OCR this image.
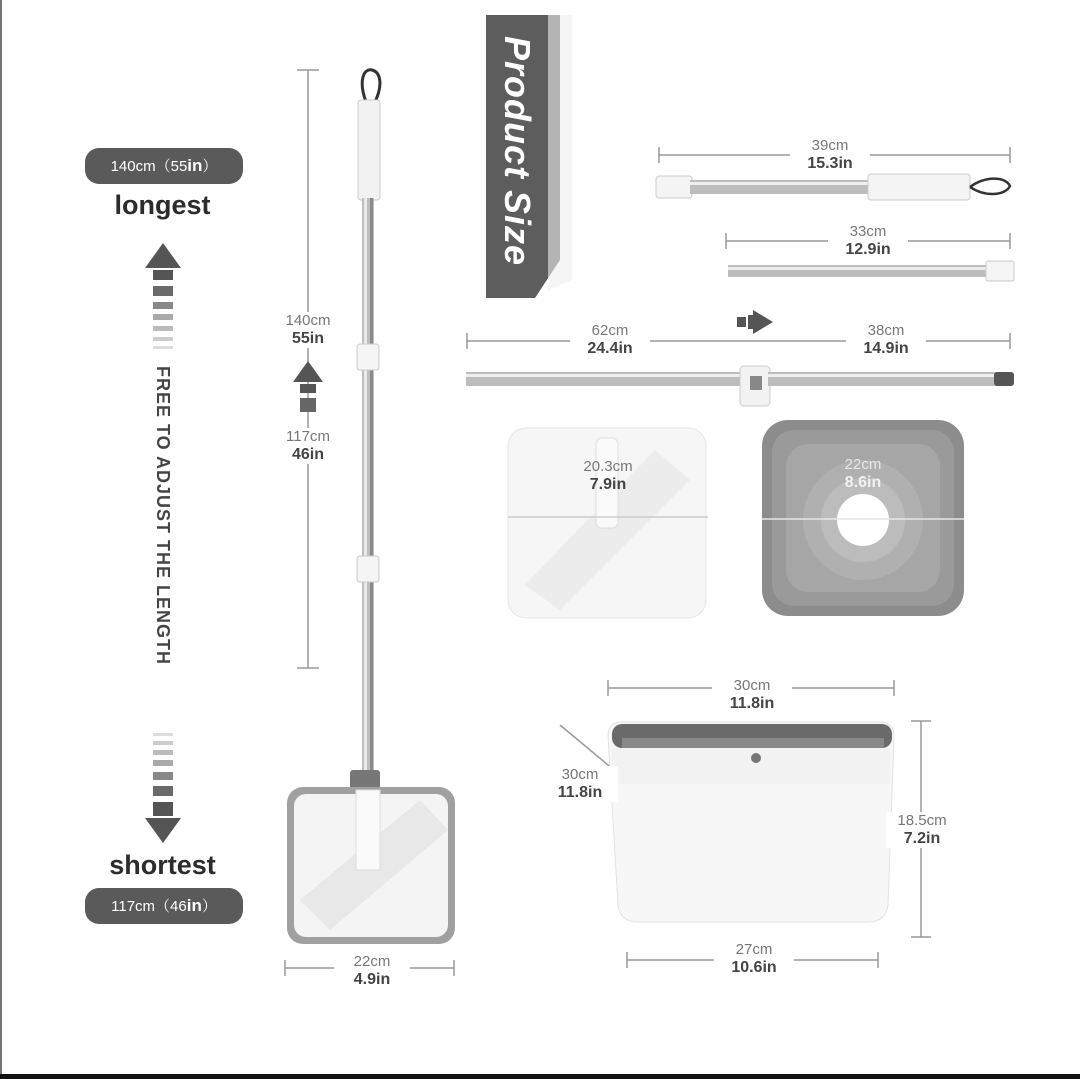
140cm（55in）
longest
FREE TO ADJUST THE LENGTH
shortest
117cm（46in）
Product Size
140cm
55in
117cm
46in
22cm
4.9in
39cm
15.3in
33cm
12.9in
62cm
24.4in
38cm
14.9in
20.3cm
7.9in
22cm
8.6in
30cm
11.8in
30cm
11.8in
18.5cm
7.2in
27cm
10.6in
